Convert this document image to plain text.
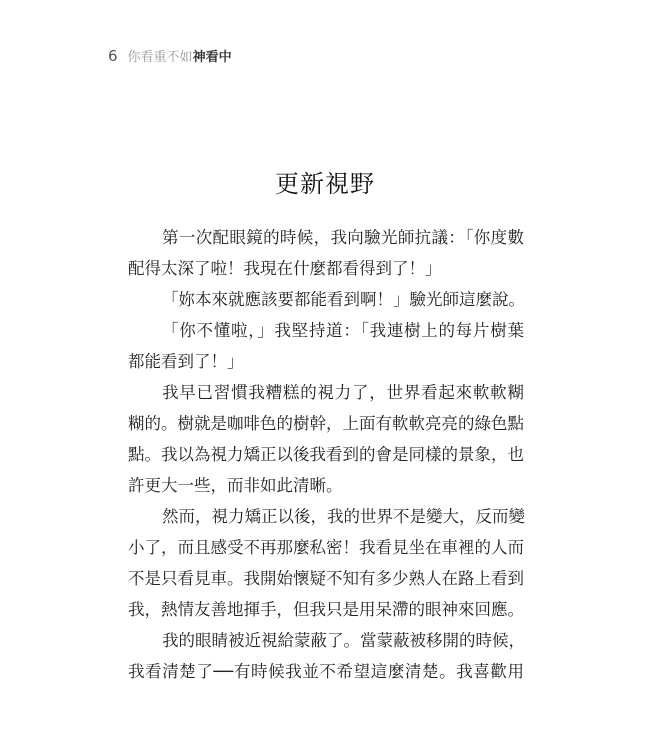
6 你看重不如神看中
更新視野
第一次配眼鏡的時候，我向驗光師抗議：「你度數
配得太深了啦！我現在什麼都看得到了！」
「妳本來就應該要都能看到啊！」驗光師這麼說。
「你不懂啦，」我堅持道：「我連樹上的每片樹葉
都能看到了！」
我早已習慣我糟糕的視力了，世界看起來軟軟糊
糊的。樹就是咖啡色的樹幹，上面有軟軟亮亮的綠色點
點。我以為視力矯正以後我看到的會是同樣的景象，也
許更大一些，而非如此清晰。
然而，視力矯正以後，我的世界不是變大，反而變
小了，而且感受不再那麼私密！我看見坐在車裡的人而
不是只看見車。我開始懷疑不知有多少熟人在路上看到
我，熱情友善地揮手，但我只是用呆滯的眼神來回應。
我的眼睛被近視給蒙蔽了。當蒙蔽被移開的時候，
我看清楚了──有時候我並不希望這麼清楚。我喜歡用
